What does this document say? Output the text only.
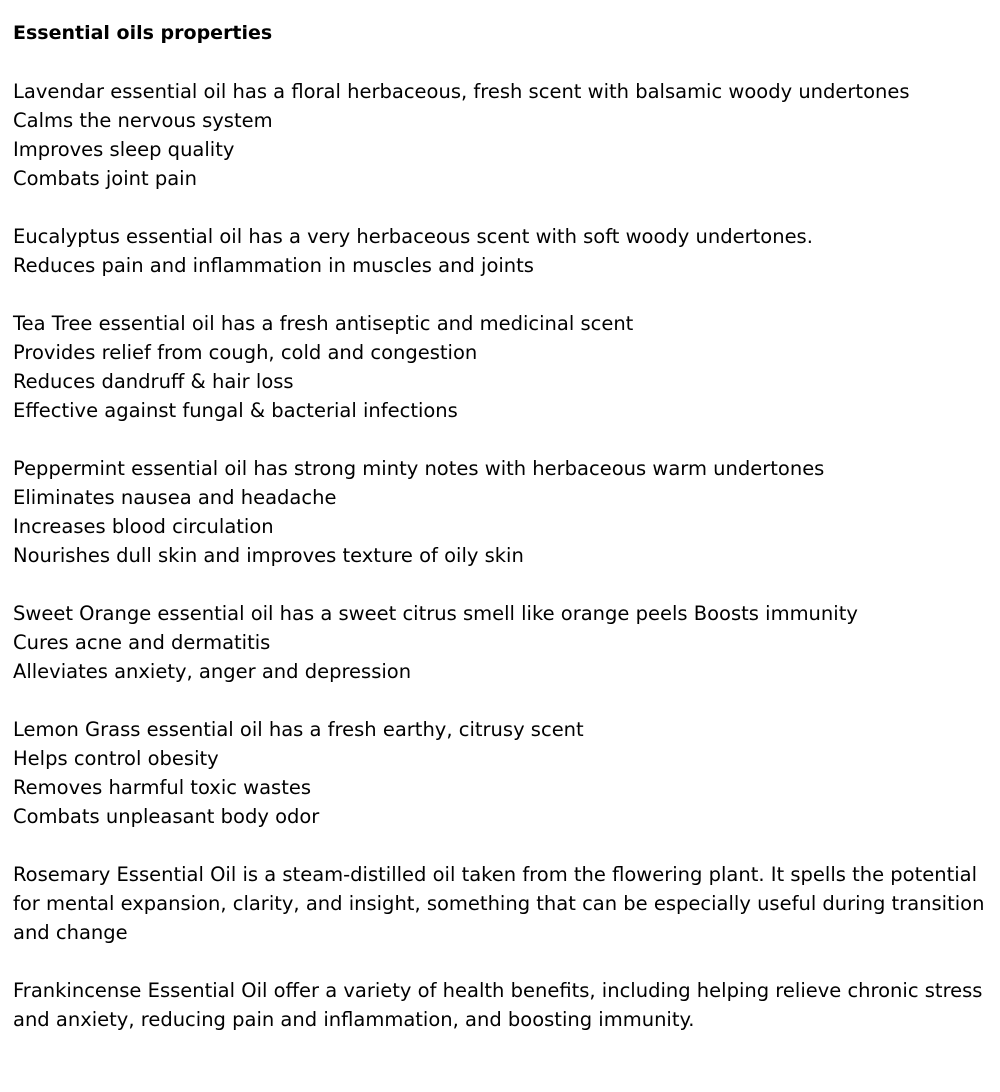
Essential oils properties
Lavendar essential oil has a floral herbaceous, fresh scent with balsamic woody undertones
Calms the nervous system
Improves sleep quality
Combats joint pain
Eucalyptus essential oil has a very herbaceous scent with soft woody undertones.
Reduces pain and inflammation in muscles and joints
Tea Tree essential oil has a fresh antiseptic and medicinal scent
Provides relief from cough, cold and congestion
Reduces dandruff & hair loss
Effective against fungal & bacterial infections
Peppermint essential oil has strong minty notes with herbaceous warm undertones
Eliminates nausea and headache
Increases blood circulation
Nourishes dull skin and improves texture of oily skin
Sweet Orange essential oil has a sweet citrus smell like orange peels Boosts immunity
Cures acne and dermatitis
Alleviates anxiety, anger and depression
Lemon Grass essential oil has a fresh earthy, citrusy scent
Helps control obesity
Removes harmful toxic wastes
Combats unpleasant body odor
Rosemary Essential Oil is a steam-distilled oil taken from the flowering plant. It spells the potential for mental expansion, clarity, and insight, something that can be especially useful during transition and change
Frankincense Essential Oil offer a variety of health benefits, including helping relieve chronic stress and anxiety, reducing pain and inflammation, and boosting immunity.
